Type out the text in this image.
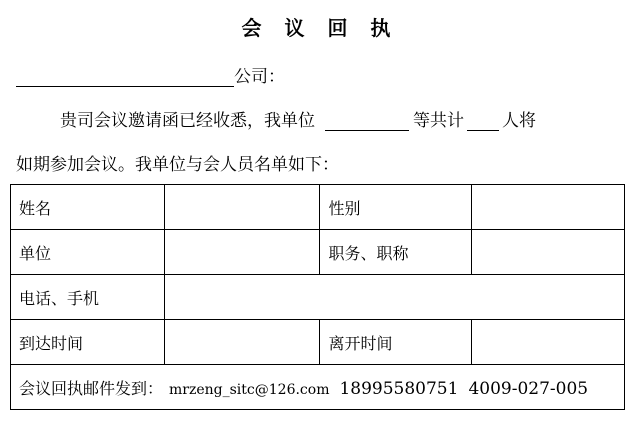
会 议 回 执
公司：
贵司会议邀请函已经收悉，我单位	等共计 人将
如期参加会议。我单位与会人员名单如下：
姓名		性别	
单位		职务、职称	
电话、手机			
到达时间		离开时间	
会议回执邮件发到： mrzeng_sitc@126.com 18995580751 4009-027-005			
